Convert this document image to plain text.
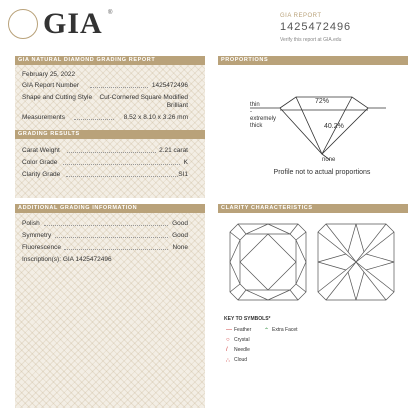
GIA ®	GIA REPORT
1425472496
Verify this report at GIA.edu
GIA NATURAL DIAMOND GRADING REPORT
February 25, 2022
GIA Report Number	1425472496
Shape and Cutting Style Cut-Cornered Square Modified
Brilliant
Measurements	8.52 x 8.10 x 3.26 mm
GRADING RESULTS
Carat Weight	2.21 carat
Color Grade	K
Clarity Grade	SI1
ADDITIONAL GRADING INFORMATION
Polish	Good
Symmetry	Good
Fluorescence	None
Inscription(s): GIA 1425472496
PROPORTIONS
72%
40.2%
thin
-
extremely
thick
none
Profile not to actual proportions
CLARITY CHARACTERISTICS
KEY TO SYMBOLS*
— Feather
○ Crystal
/ Needle
∴ Cloud
⌃ Extra Facet
